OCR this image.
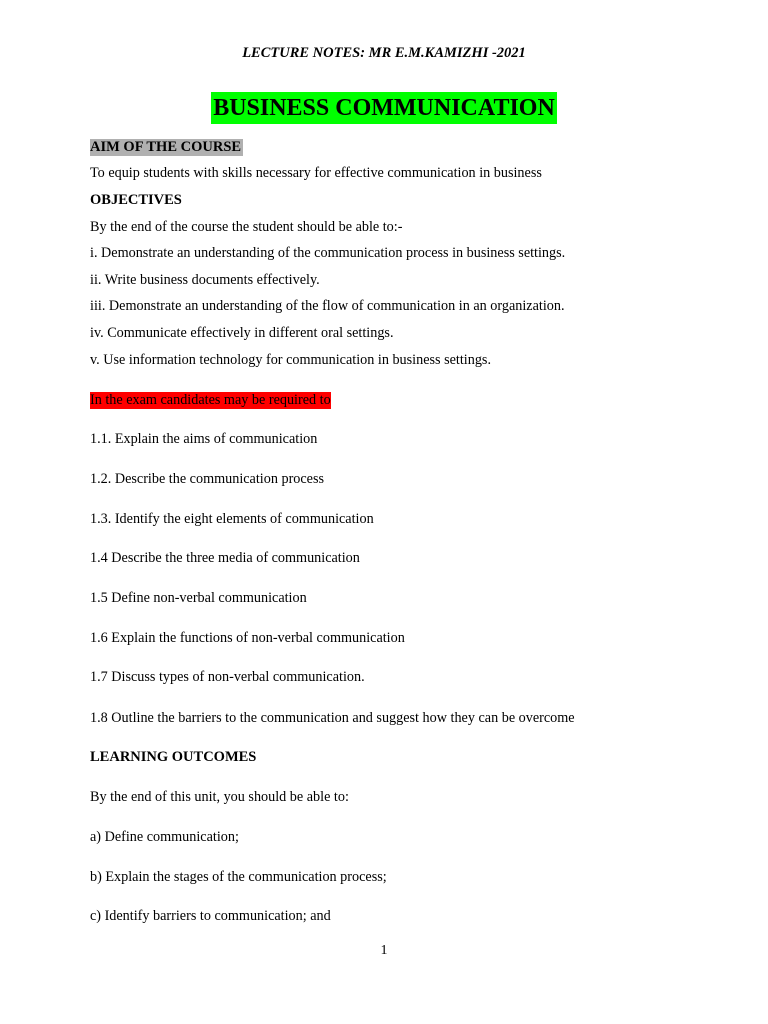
LECTURE NOTES: MR E.M.KAMIZHI -2021
BUSINESS COMMUNICATION
AIM OF THE COURSE
To equip students with skills necessary for effective communication in business
OBJECTIVES
By the end of the course the student should be able to:-
i. Demonstrate an understanding of the communication process in business settings.
ii. Write business documents effectively.
iii. Demonstrate an understanding of the flow of communication in an organization.
iv. Communicate effectively in different oral settings.
v. Use information technology for communication in business settings.
In the exam candidates may be required to
1.1. Explain the aims of communication
1.2. Describe the communication process
1.3. Identify the eight elements of communication
1.4 Describe the three media of communication
1.5 Define non-verbal communication
1.6 Explain the functions of non-verbal communication
1.7 Discuss types of non-verbal communication.
1.8 Outline the barriers to the communication and suggest how they can be overcome
LEARNING OUTCOMES
By the end of this unit, you should be able to:
a) Define communication;
b) Explain the stages of the communication process;
c) Identify barriers to communication; and
1
